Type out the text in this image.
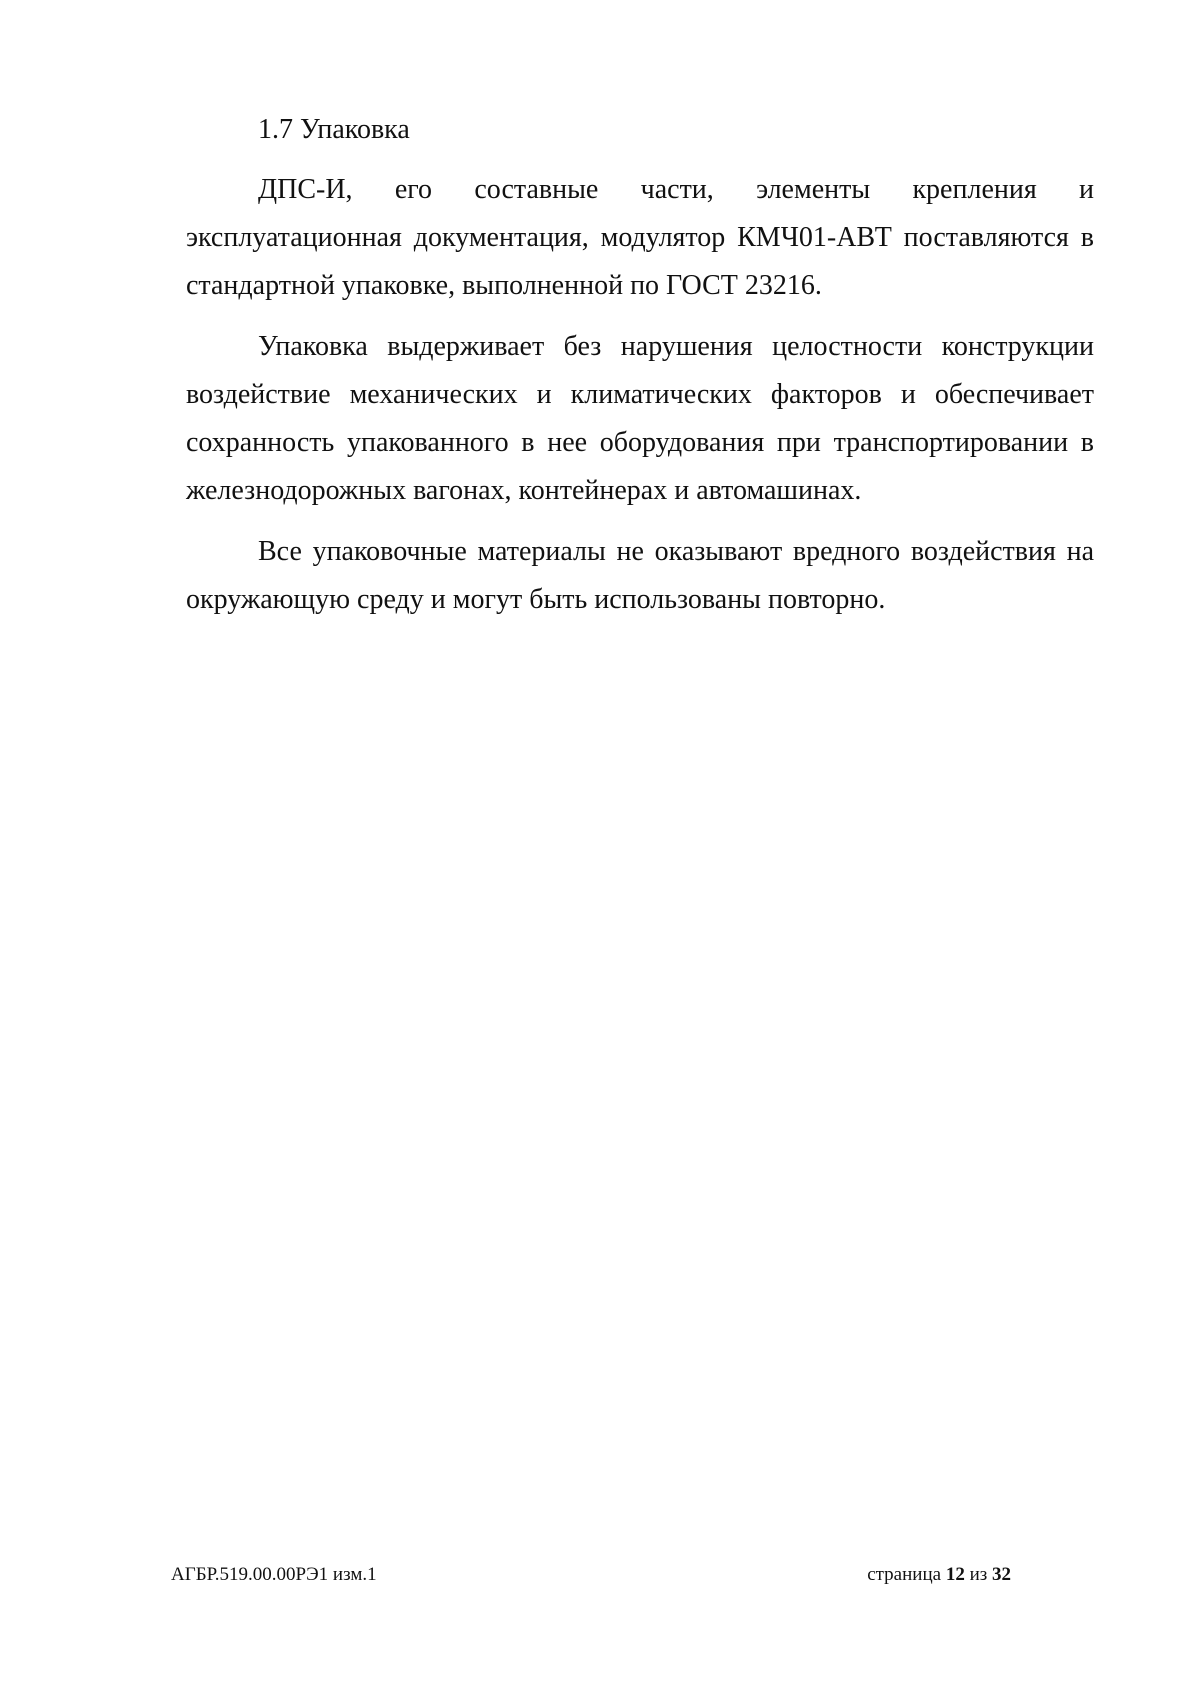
1.7 Упаковка

ДПС-И, его составные части, элементы крепления и эксплуатационная документация, модулятор КМЧ01-АВТ поставляются в стандартной упаковке, выполненной по ГОСТ 23216.

Упаковка выдерживает без нарушения целостности конструкции воздействие механических и климатических факторов и обеспечивает сохранность упакованного в нее оборудования при транспортировании в железнодорожных вагонах, контейнерах и автомашинах.

Все упаковочные материалы не оказывают вредного воздействия на окружающую среду и могут быть использованы повторно.

АГБР.519.00.00РЭ1 изм.1	страница 12 из 32
